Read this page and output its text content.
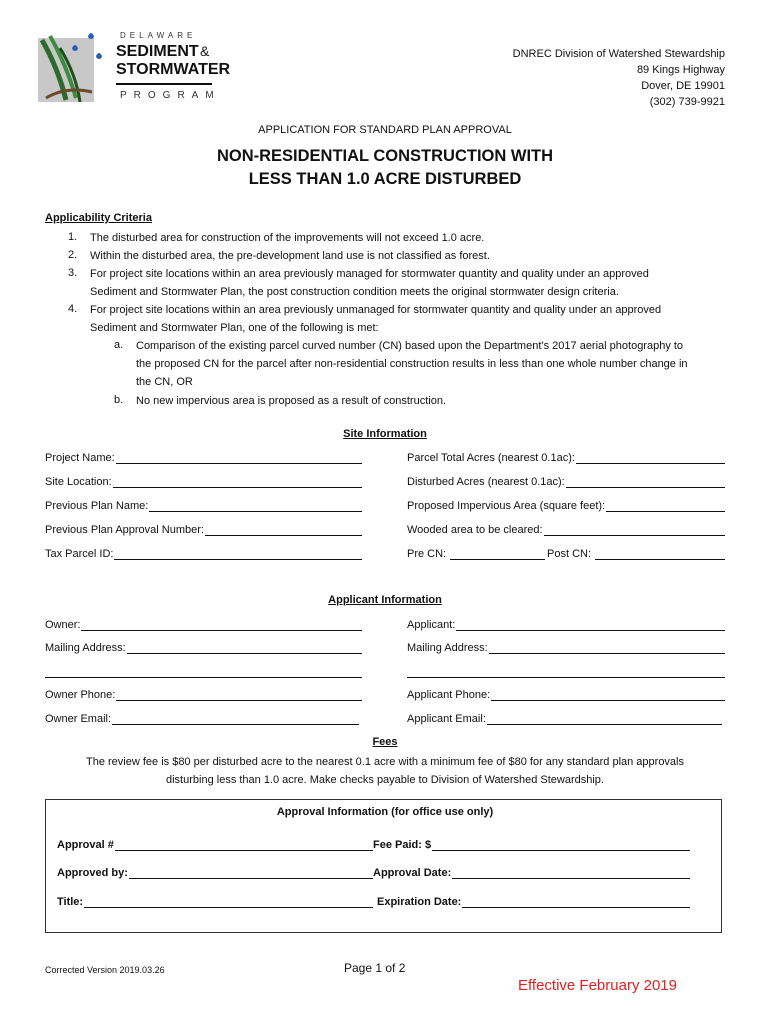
DELAWARE
SEDIMENT &
STORMWATER
PROGRAM
DNREC Division of Watershed Stewardship
89 Kings Highway
Dover, DE 19901
(302) 739-9921
APPLICATION FOR STANDARD PLAN APPROVAL
NON-RESIDENTIAL CONSTRUCTION WITH
LESS THAN 1.0 ACRE DISTURBED
Applicability Criteria
1. The disturbed area for construction of the improvements will not exceed 1.0 acre.
2. Within the disturbed area, the pre-development land use is not classified as forest.
3. For project site locations within an area previously managed for stormwater quantity and quality under an approved
Sediment and Stormwater Plan, the post construction condition meets the original stormwater design criteria.
4. For project site locations within an area previously unmanaged for stormwater quantity and quality under an approved
Sediment and Stormwater Plan, one of the following is met:
a. Comparison of the existing parcel curved number (CN) based upon the Department’s 2017 aerial photography to
the proposed CN for the parcel after non-residential construction results in less than one whole number change in
the CN, OR
b. No new impervious area is proposed as a result of construction.
Site Information
Project Name:	Parcel Total Acres (nearest 0.1ac):
Site Location:	Disturbed Acres (nearest 0.1ac):
Previous Plan Name:	Proposed Impervious Area (square feet):
Previous Plan Approval Number:	Wooded area to be cleared:
Tax Parcel ID:	Pre CN:	Post CN:
Applicant Information
Owner:	Applicant:
Mailing Address:	Mailing Address:
Owner Phone:	Applicant Phone:
Owner Email:	Applicant Email:
Fees
The review fee is $80 per disturbed acre to the nearest 0.1 acre with a minimum fee of $80 for any standard plan approvals
disturbing less than 1.0 acre. Make checks payable to Division of Watershed Stewardship.
Approval Information (for office use only)
Approval #	Fee Paid: $
Approved by:	Approval Date:
Title:	Expiration Date:
Corrected Version 2019.03.26	Page 1 of 2
Effective February 2019
